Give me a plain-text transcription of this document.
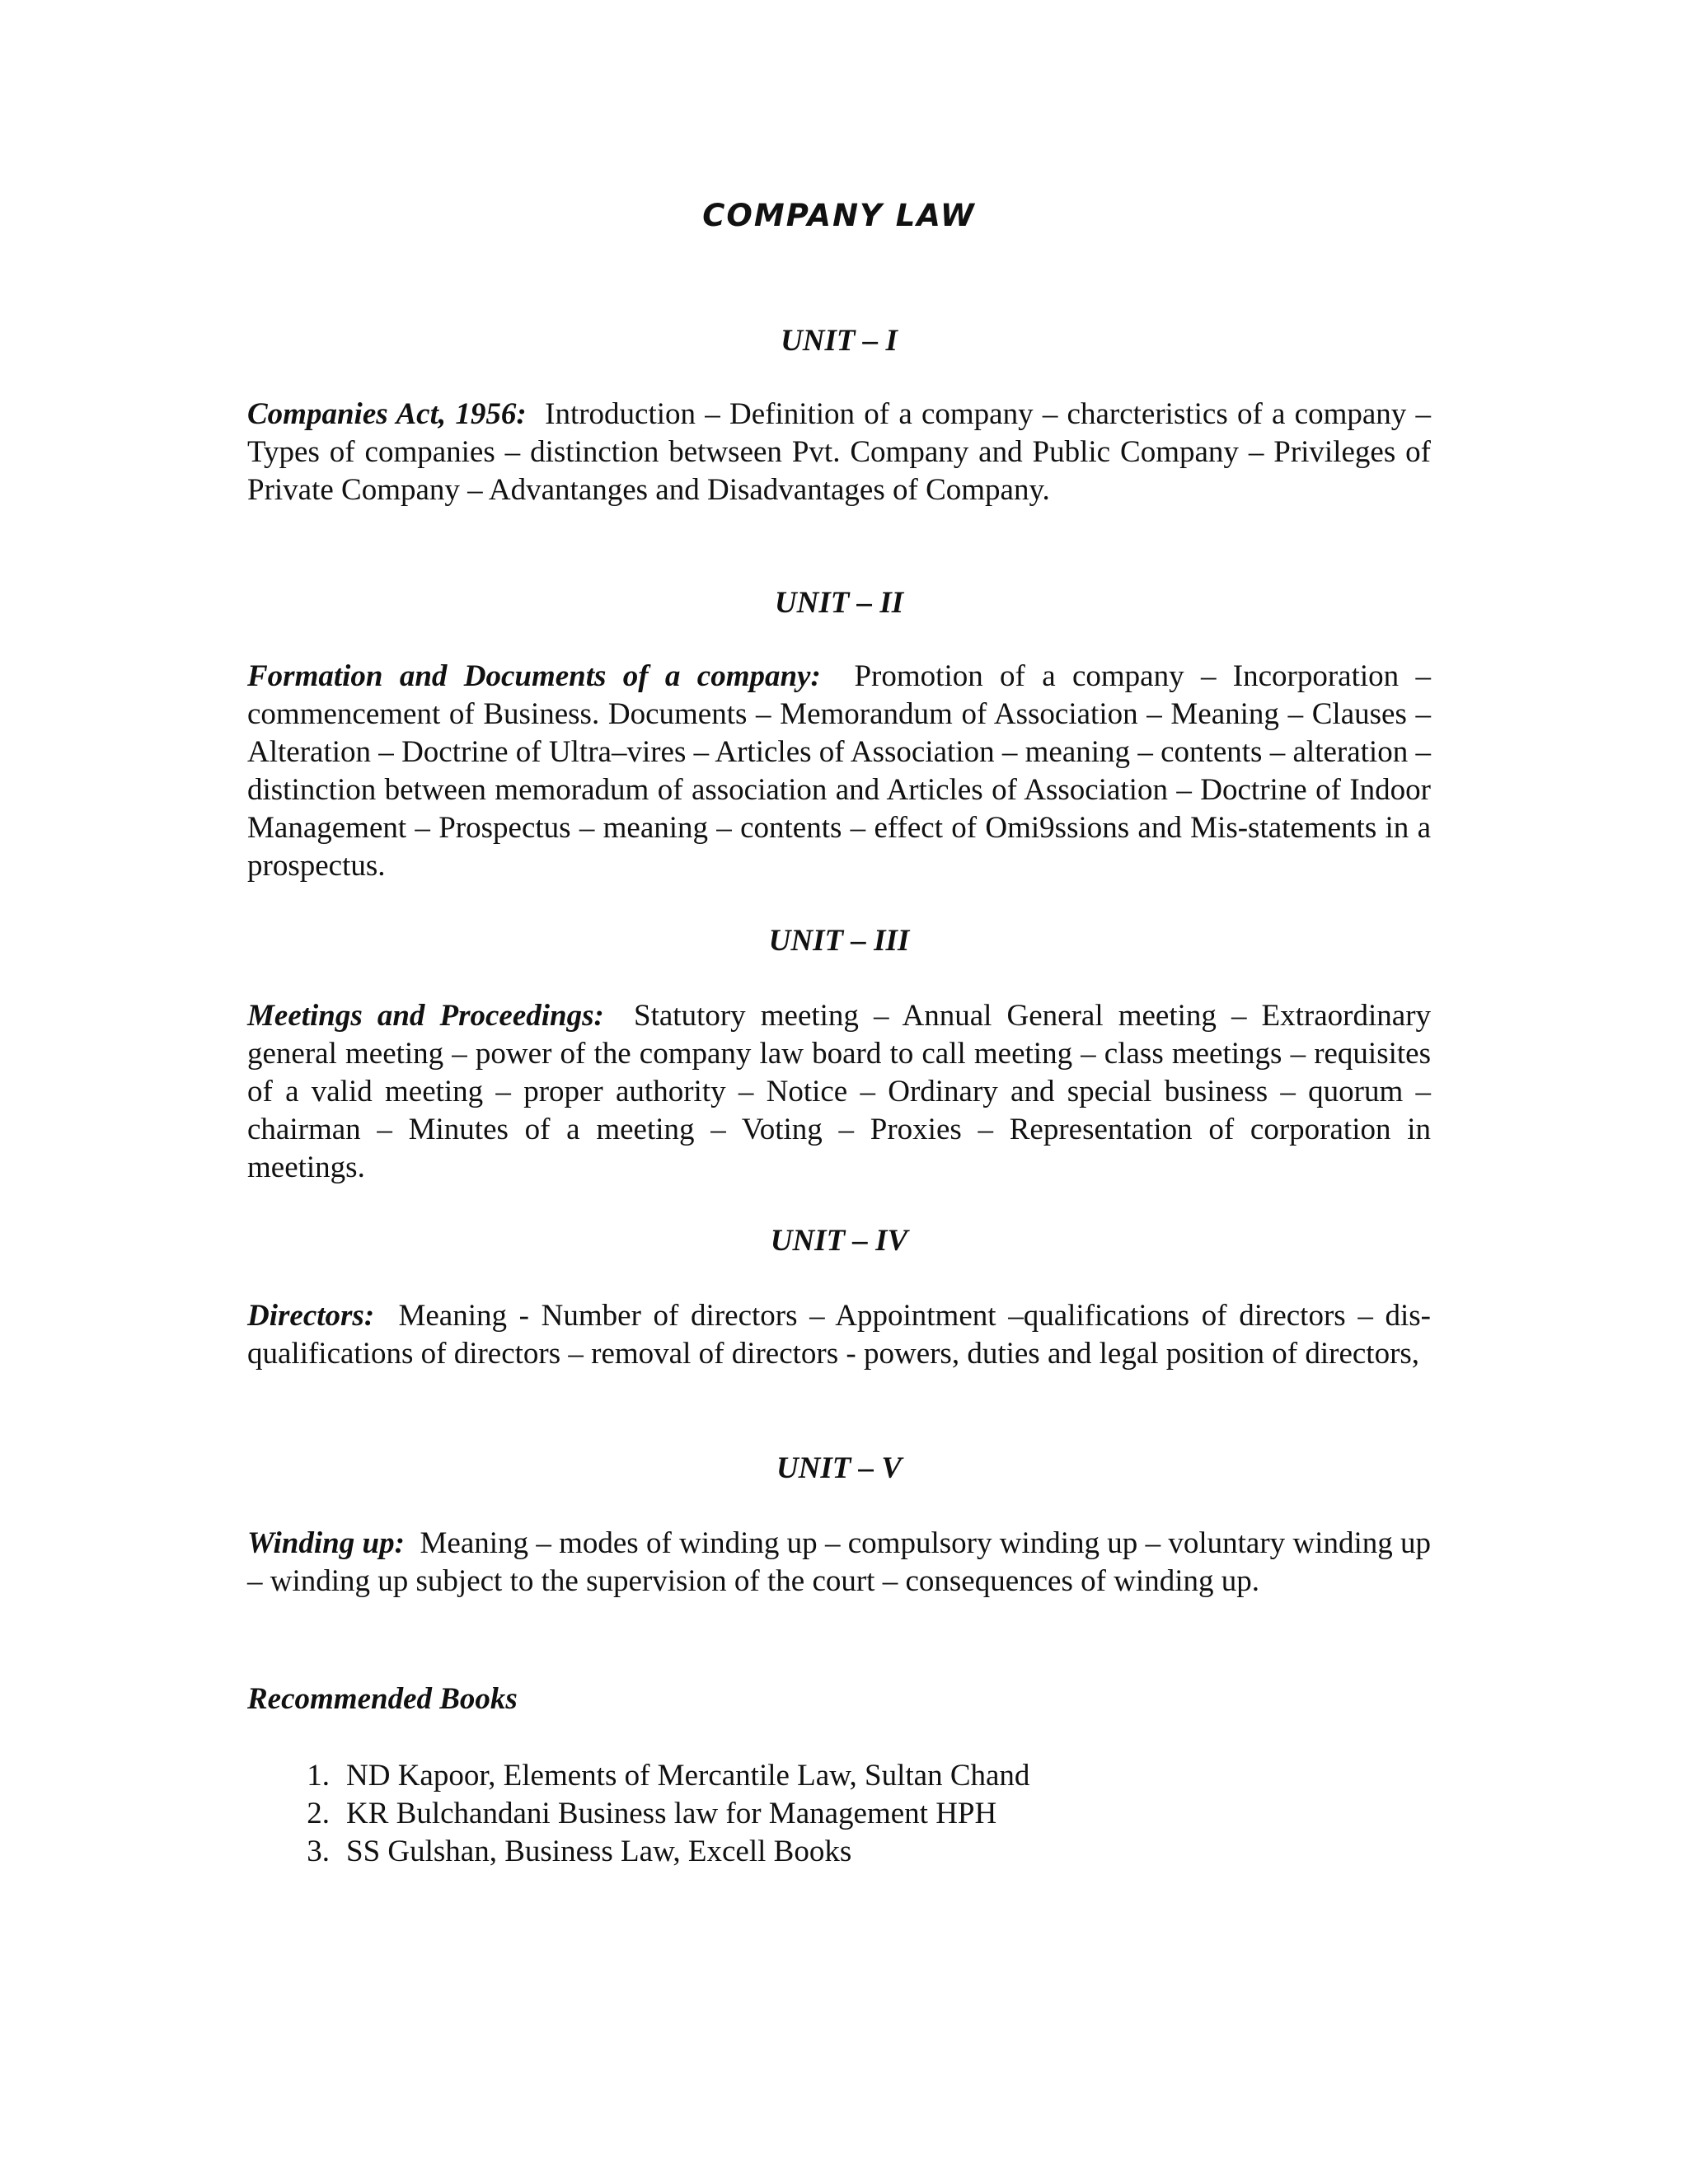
COMPANY LAW
UNIT – I

Companies Act, 1956: Introduction – Definition of a company – charcteristics of a company – Types of companies – distinction betwseen Pvt. Company and Public Company – Privileges of Private Company – Advantanges and Disadvantages of Company.

UNIT – II

Formation and Documents of a company: Promotion of a company – Incorporation – commencement of Business. Documents – Memorandum of Association – Meaning – Clauses – Alteration – Doctrine of Ultra–vires – Articles of Association – meaning – contents – alteration – distinction between memoradum of association and Articles of Association – Doctrine of Indoor Management – Prospectus – meaning – contents – effect of Omi9ssions and Mis-statements in a prospectus.

UNIT – III

Meetings and Proceedings: Statutory meeting – Annual General meeting – Extraordinary general meeting – power of the company law board to call meeting – class meetings – requisites of a valid meeting – proper authority – Notice – Ordinary and special business – quorum – chairman – Minutes of a meeting – Voting – Proxies – Representation of corporation in meetings.

UNIT – IV

Directors: Meaning - Number of directors – Appointment –qualifications of directors – dis-qualifications of directors – removal of directors - powers, duties and legal position of directors,

UNIT – V

Winding up: Meaning – modes of winding up – compulsory winding up – voluntary winding up – winding up subject to the supervision of the court – consequences of winding up.

Recommended Books
1. ND Kapoor, Elements of Mercantile Law, Sultan Chand
2. KR Bulchandani Business law for Management HPH
3. SS Gulshan, Business Law, Excell Books
